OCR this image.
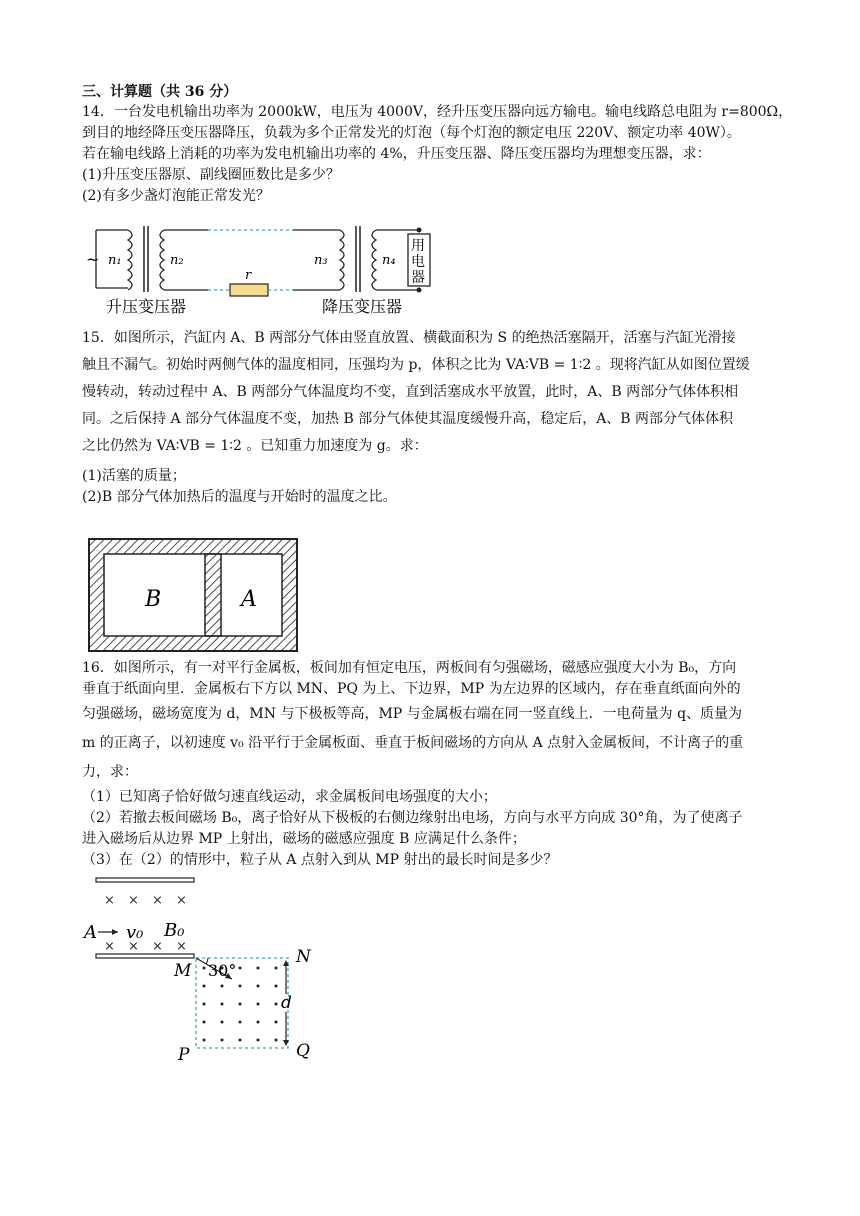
三、计算题（共 36 分）
14．一台发电机输出功率为 2000kW，电压为 4000V，经升压变压器向远方输电。输电线路总电阻为 r=800Ω，
到目的地经降压变压器降压，负载为多个正常发光的灯泡（每个灯泡的额定电压 220V、额定功率 40W）。
若在输电线路上消耗的功率为发电机输出功率的 4%，升压变压器、降压变压器均为理想变压器，求：
(1)升压变压器原、副线圈匝数比是多少？
(2)有多少盏灯泡能正常发光？
15．如图所示，汽缸内 A、B 两部分气体由竖直放置、横截面积为 S 的绝热活塞隔开，活塞与汽缸光滑接
触且不漏气。初始时两侧气体的温度相同，压强均为 p，体积之比为 VA∶VB = 1∶2 。现将汽缸从如图位置缓
慢转动，转动过程中 A、B 两部分气体温度均不变，直到活塞成水平放置，此时，A、B 两部分气体体积相
同。之后保持 A 部分气体温度不变，加热 B 部分气体使其温度缓慢升高，稳定后，A、B 两部分气体体积
之比仍然为 VA∶VB = 1∶2 。已知重力加速度为 g。求：
(1)活塞的质量；
(2)B 部分气体加热后的温度与开始时的温度之比。
16．如图所示，有一对平行金属板，板间加有恒定电压，两板间有匀强磁场，磁感应强度大小为 B₀，方向
垂直于纸面向里．金属板右下方以 MN、PQ 为上、下边界，MP 为左边界的区域内，存在垂直纸面向外的
匀强磁场，磁场宽度为 d，MN 与下极板等高，MP 与金属板右端在同一竖直线上．一电荷量为 q、质量为
m 的正离子，以初速度 v₀ 沿平行于金属板面、垂直于板间磁场的方向从 A 点射入金属板间，不计离子的重
力，求：
（1）已知离子恰好做匀速直线运动，求金属板间电场强度的大小；
（2）若撤去板间磁场 B₀，离子恰好从下极板的右侧边缘射出电场，方向与水平方向成 30°角，为了使离子
进入磁场后从边界 MP 上射出，磁场的磁感应强度 B 应满足什么条件；
（3）在（2）的情形中，粒子从 A 点射入到从 MP 射出的最长时间是多少？
~ n₁	n₂
r
n₃	n₄
用
电
器
升压变压器	降压变压器
B	A
× × × ×
× × × ×
A v₀ B₀
30°
d
M
N
P	Q
